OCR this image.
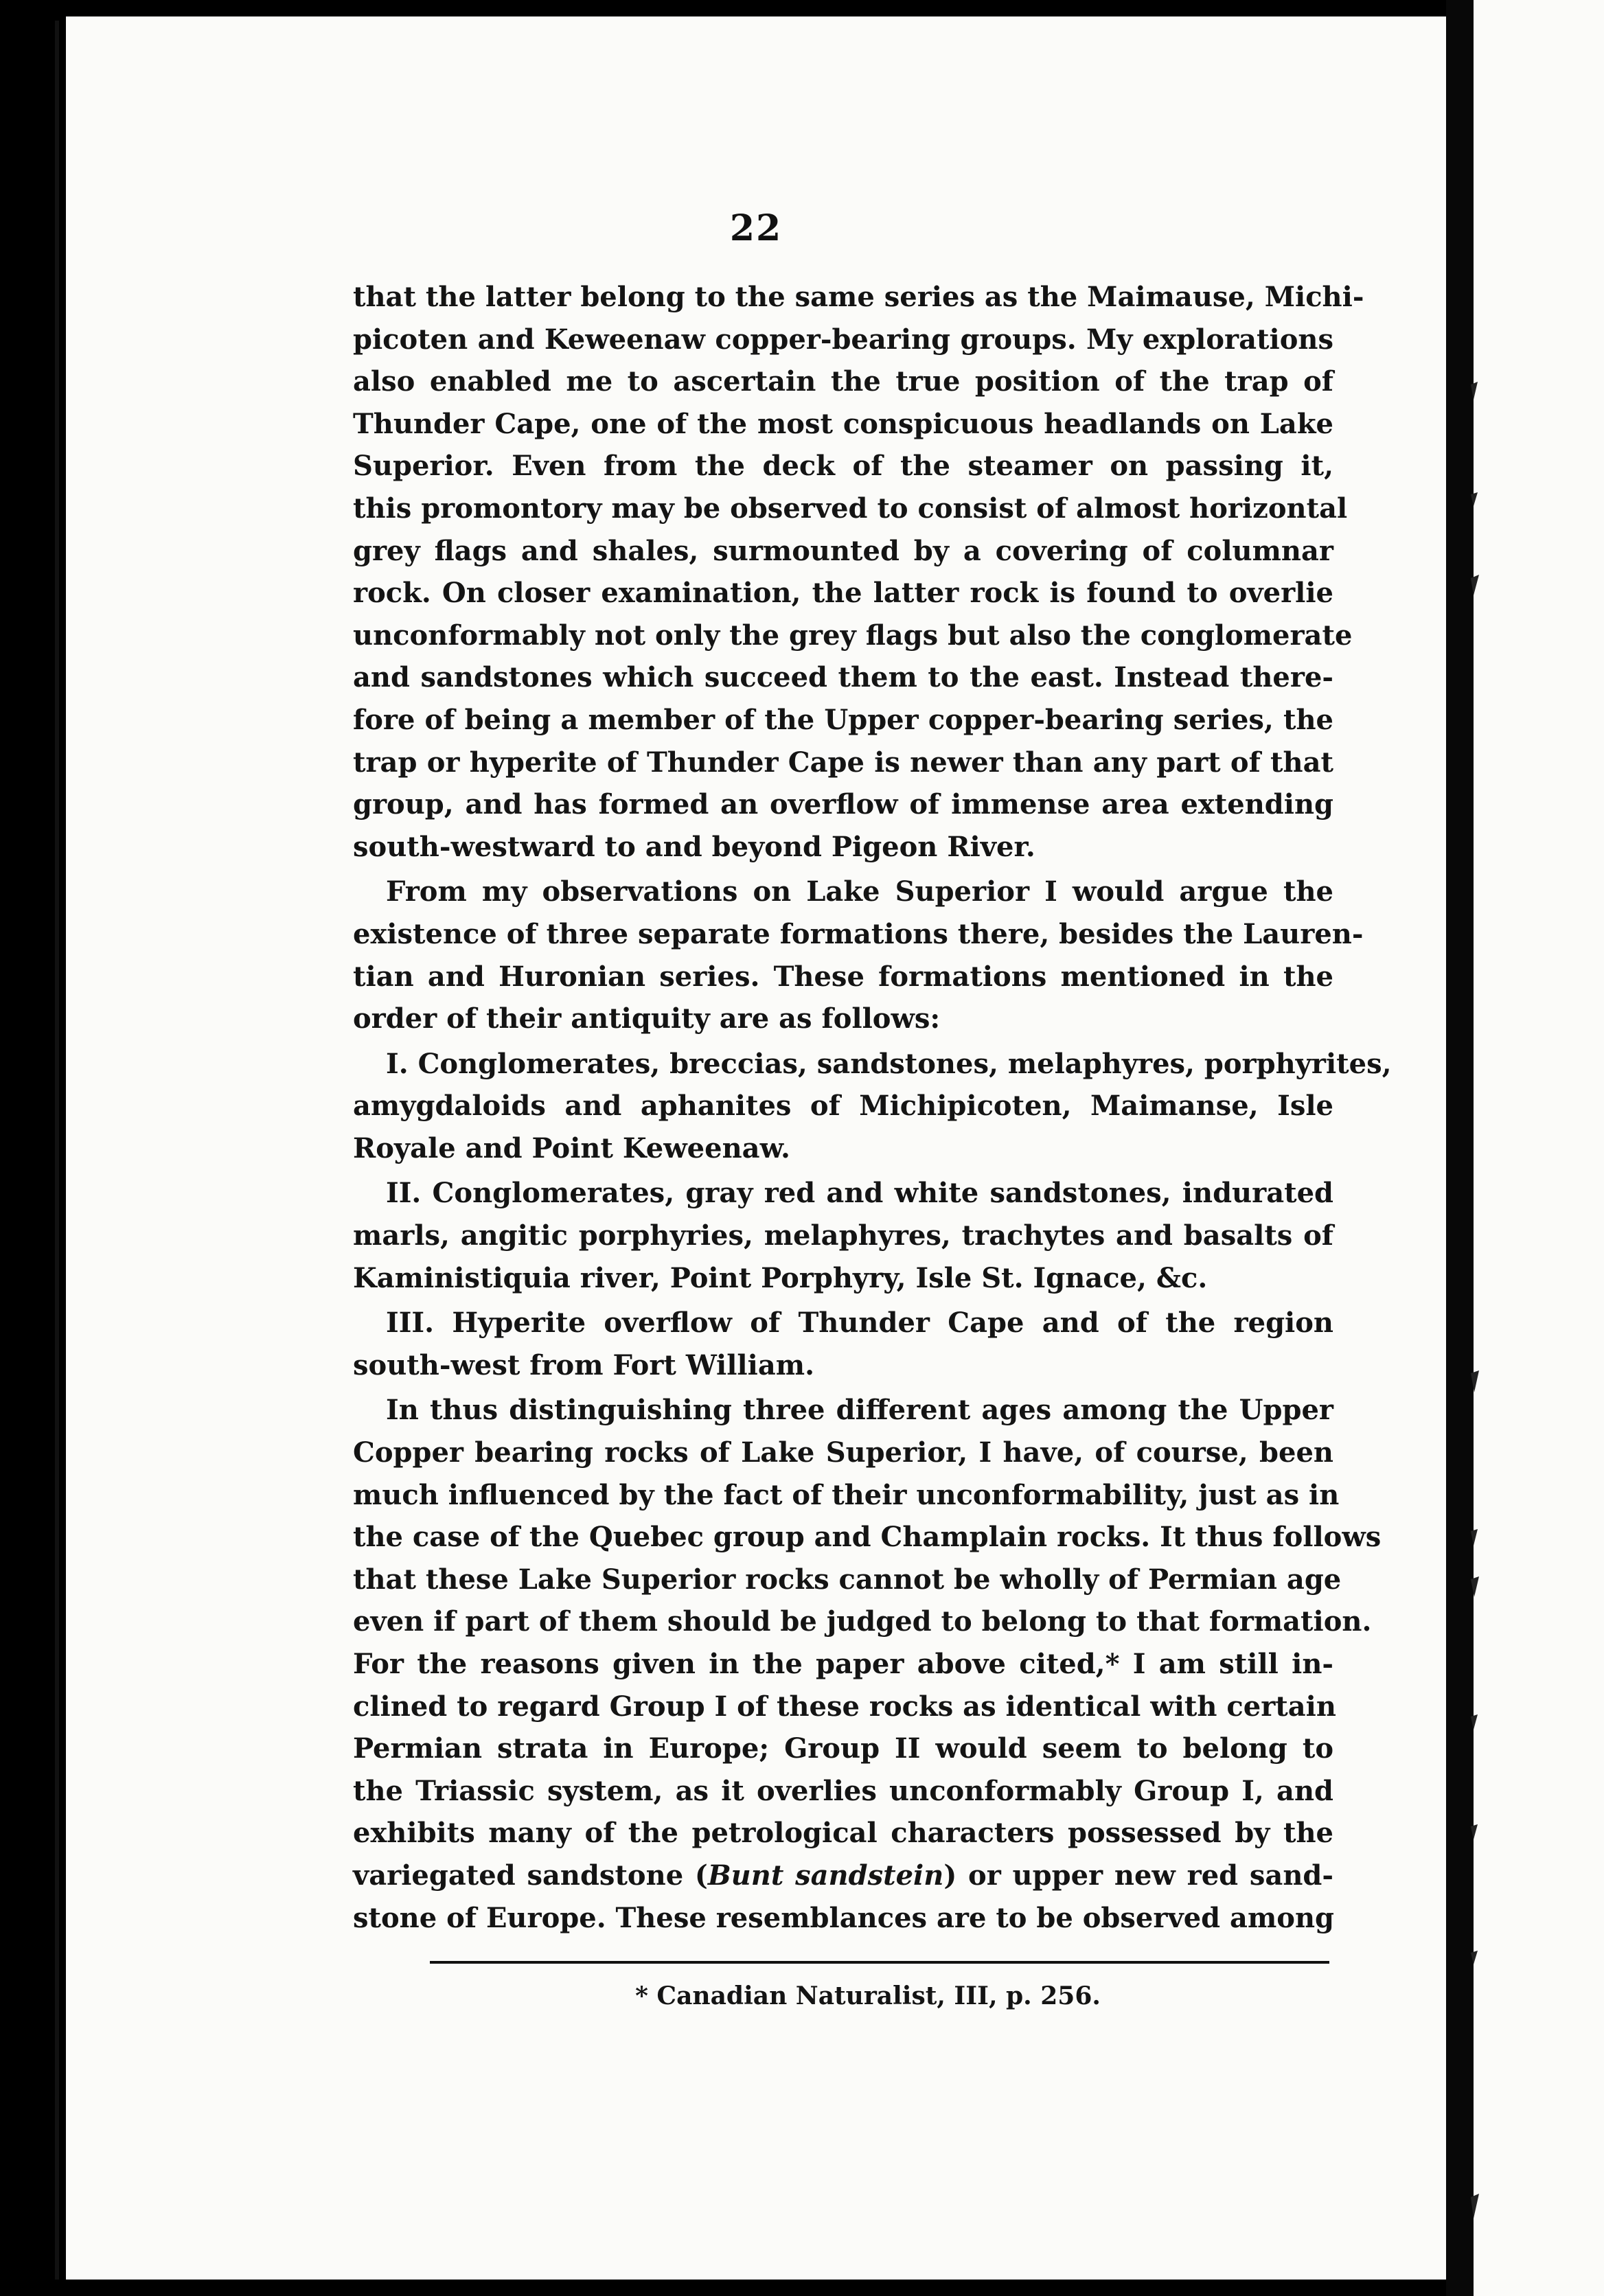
22
that the latter belong to the same series as the Maimause, Michi-
picoten and Keweenaw copper-bearing groups. My explorations
also enabled me to ascertain the true position of the trap of
Thunder Cape, one of the most conspicuous headlands on Lake
Superior. Even from the deck of the steamer on passing it,
this promontory may be observed to consist of almost horizontal
grey flags and shales, surmounted by a covering of columnar
rock. On closer examination, the latter rock is found to overlie
unconformably not only the grey flags but also the conglomerate
and sandstones which succeed them to the east. Instead there-
fore of being a member of the Upper copper-bearing series, the
trap or hyperite of Thunder Cape is newer than any part of that
group, and has formed an overflow of immense area extending
south-westward to and beyond Pigeon River.
From my observations on Lake Superior I would argue the
existence of three separate formations there, besides the Lauren-
tian and Huronian series. These formations mentioned in the
order of their antiquity are as follows:
I. Conglomerates, breccias, sandstones, melaphyres, porphyrites,
amygdaloids and aphanites of Michipicoten, Maimanse, Isle
Royale and Point Keweenaw.
II. Conglomerates, gray red and white sandstones, indurated
marls, angitic porphyries, melaphyres, trachytes and basalts of
Kaministiquia river, Point Porphyry, Isle St. Ignace, &c.
III. Hyperite overflow of Thunder Cape and of the region
south-west from Fort William.
In thus distinguishing three different ages among the Upper
Copper bearing rocks of Lake Superior, I have, of course, been
much influenced by the fact of their unconformability, just as in
the case of the Quebec group and Champlain rocks. It thus follows
that these Lake Superior rocks cannot be wholly of Permian age
even if part of them should be judged to belong to that formation.
For the reasons given in the paper above cited,* I am still in-
clined to regard Group I of these rocks as identical with certain
Permian strata in Europe; Group II would seem to belong to
the Triassic system, as it overlies unconformably Group I, and
exhibits many of the petrological characters possessed by the
variegated sandstone (Bunt sandstein) or upper new red sand-
stone of Europe. These resemblances are to be observed among
* Canadian Naturalist, III, p. 256.
